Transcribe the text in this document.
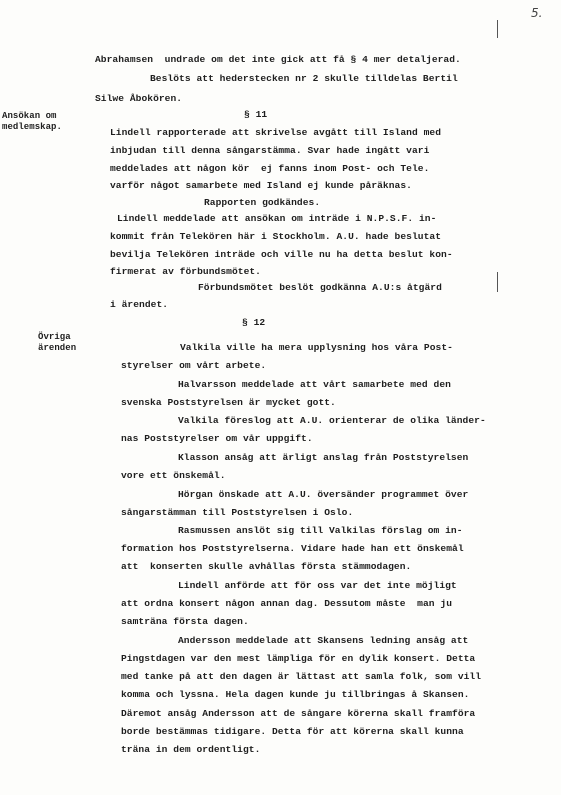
5.
Ansökan om
medlemskap.
Övriga
ärenden
Abrahamsen  undrade om det inte gick att få § 4 mer detaljerad.
Beslöts att hederstecken nr 2 skulle tilldelas Bertil
Silwe Åbokören.
§ 11
Lindell rapporterade att skrivelse avgått till Island med
inbjudan till denna sångarstämma. Svar hade ingått vari
meddelades att någon kör  ej fanns inom Post- och Tele.
varför något samarbete med Island ej kunde påräknas.
Rapporten godkändes.
Lindell meddelade att ansökan om inträde i N.P.S.F. in-
kommit från Telekören här i Stockholm. A.U. hade beslutat
bevilja Telekören inträde och ville nu ha detta beslut kon-
firmerat av förbundsmötet.
Förbundsmötet beslöt godkänna A.U:s åtgärd
i ärendet.
§ 12
Valkila ville ha mera upplysning hos våra Post-
styrelser om vårt arbete.
Halvarsson meddelade att vårt samarbete med den
svenska Poststyrelsen är mycket gott.
Valkila föreslog att A.U. orienterar de olika länder-
nas Poststyrelser om vår uppgift.
Klasson ansåg att ärligt anslag från Poststyrelsen
vore ett önskemål.
Hörgan önskade att A.U. översänder programmet över
sångarstämman till Poststyrelsen i Oslo.
Rasmussen anslöt sig till Valkilas förslag om in-
formation hos Poststyrelserna. Vidare hade han ett önskemål
att  konserten skulle avhållas första stämmodagen.
Lindell anförde att för oss var det inte möjligt
att ordna konsert någon annan dag. Dessutom måste  man ju
samträna första dagen.
Andersson meddelade att Skansens ledning ansåg att
Pingstdagen var den mest lämpliga för en dylik konsert. Detta
med tanke på att den dagen är lättast att samla folk, som vill
komma och lyssna. Hela dagen kunde ju tillbringas å Skansen.
Däremot ansåg Andersson att de sångare körerna skall framföra
borde bestämmas tidigare. Detta för att körerna skall kunna
träna in dem ordentligt.
